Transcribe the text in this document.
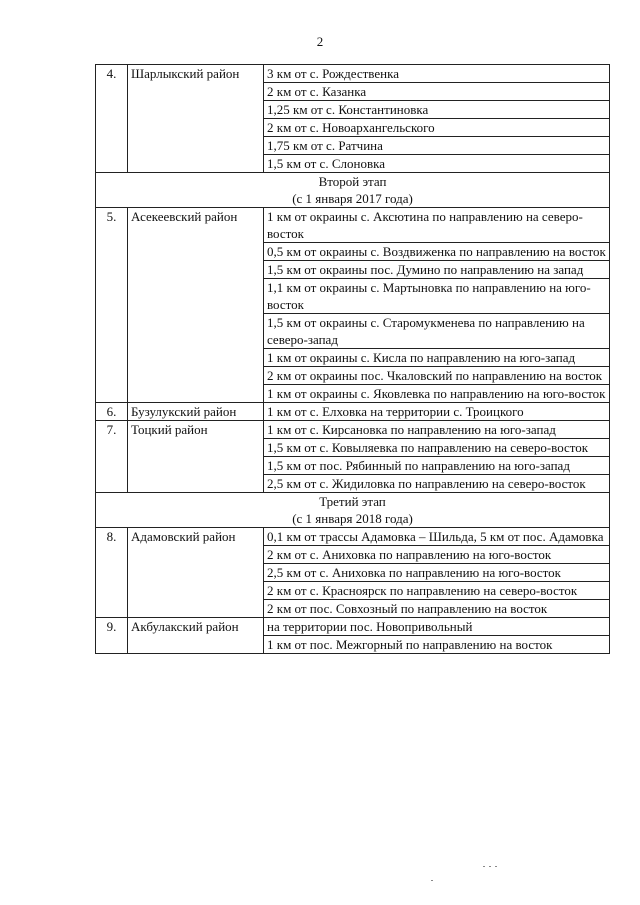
2
4.	Шарлыкский район	3 км от с. Рождественка
		2 км от с. Казанка
		1,25 км от с. Константиновка
		2 км от с. Новоархангельского
		1,75 км от с. Ратчина
		1,5 км от с. Слоновка

Второй этап
(с 1 января 2017 года)		

5.	Асекеевский район	1 км от окраины с. Аксютина по направлению на северо-восток
		0,5 км от окраины с. Воздвиженка по направлению на восток
		1,5 км от окраины пос. Думино по направлению на запад
		1,1 км от окраины с. Мартыновка по направлению на юго-восток
		1,5 км от окраины с. Старомукменева по направлению на северо-запад
		1 км от окраины с. Кисла по направлению на юго-запад
		2 км от окраины пос. Чкаловский по направлению на восток
		1 км от окраины с. Яковлевка по направлению на юго-восток
6.	Бузулукский район	1 км от с. Елховка на территории с. Троицкого
7.	Тоцкий район	1 км от с. Кирсановка по направлению на юго-запад
		1,5 км от с. Ковыляевка по направлению на северо-восток
		1,5 км от пос. Рябинный по направлению на юго-запад
		2,5 км от с. Жидиловка по направлению на северо-восток

Третий этап
(с 1 января 2018 года)		

8.	Адамовский район	0,1 км от трассы Адамовка – Шильда, 5 км от пос. Адамовка
		2 км от с. Аниховка по направлению на юго-восток
		2,5 км от с. Аниховка по направлению на юго-восток
		2 км от с. Красноярск по направлению на северо-восток
		2 км от пос. Совхозный по направлению на восток
9.	Акбулакский район	на территории пос. Новопривольный
		1 км от пос. Межгорный по направлению на восток
